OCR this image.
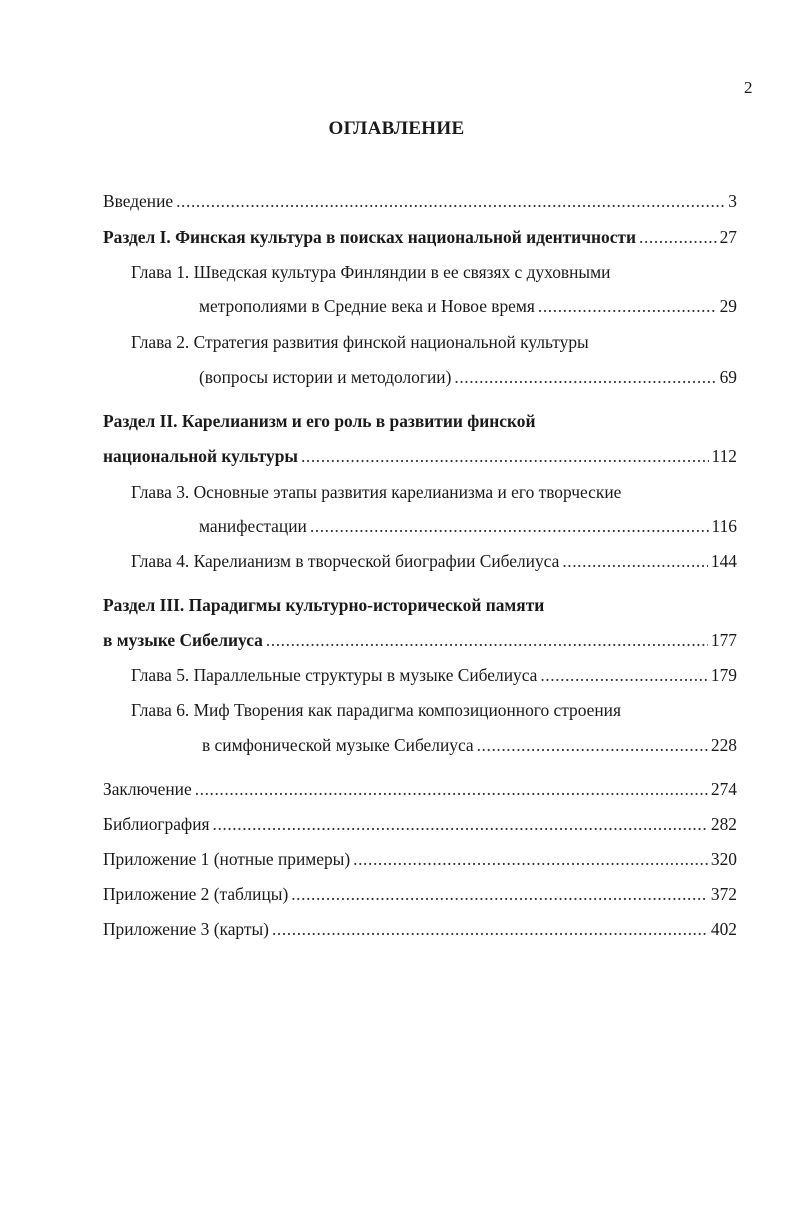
2
ОГЛАВЛЕНИЕ
Введение .....	3
Раздел I. Финская культура в поисках национальной идентичности .....	27
Глава 1. Шведская культура Финляндии в ее связях с духовными
метрополиями в Средние века и Новое время .....	29
Глава 2. Стратегия развития финской национальной культуры
(вопросы истории и методологии) .....	69
Раздел II. Карелианизм и его роль в развитии финской
национальной культуры .....	112
Глава 3. Основные этапы развития карелианизма и его творческие
манифестации .....	116
Глава 4. Карелианизм в творческой биографии Сибелиуса .....	144
Раздел III. Парадигмы культурно-исторической памяти
в музыке Сибелиуса .....	177
Глава 5. Параллельные структуры в музыке Сибелиуса .....	179
Глава 6. Миф Творения как парадигма композиционного строения
в симфонической музыке Сибелиуса .....	228
Заключение .....	274
Библиография .....	282
Приложение 1 (нотные примеры) .....	320
Приложение 2 (таблицы) .....	372
Приложение 3 (карты) .....	402
